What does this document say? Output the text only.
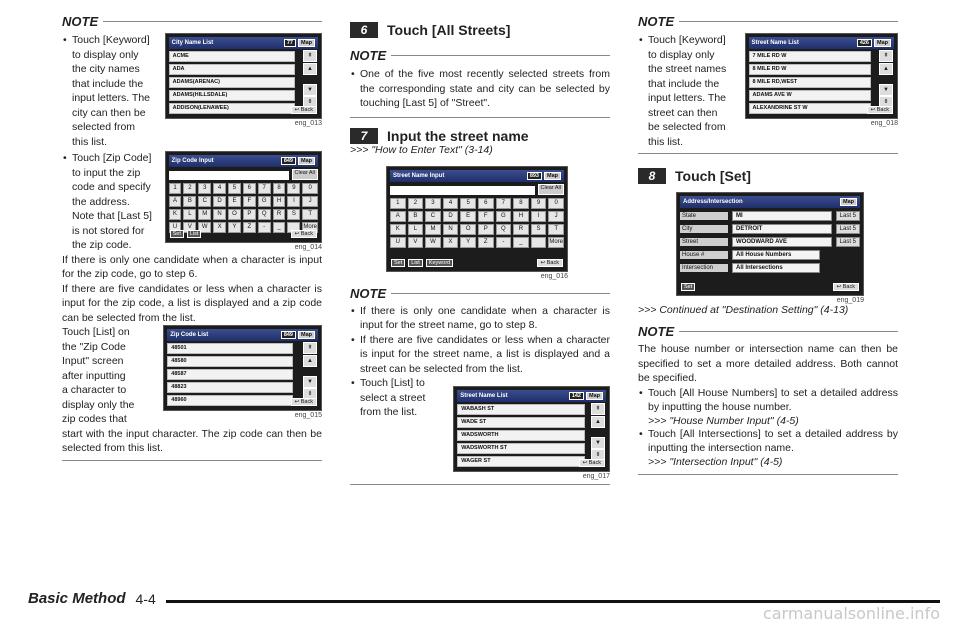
NOTE
• Touch [Keyword]
to display only
the city names
that include the
input letters. The
city can then be
selected from
this list.
City Name List	77	Map
ACME
ADA
ADAMS(ARENAC)
ADAMS(HILLSDALE)
ADDISON(LENAWEE)
⇞
▲
▼
⇟
↩ Back
eng_013
• Touch [Zip Code]
to input the zip
code and specify
the address.
Note that [Last 5]
is not stored for
the zip code.
Zip Code Input	849	Map
Clear All
1	2	3	4	5	6	7	8	9	0
A	B	C	D	E	F	G	H	I	J
K	L	M	N	O	P	Q	R	S	T
U	V	W	X	Y	Z	-	_	More
Set	List	↩ Back
eng_014

If there is only one candidate when a character is input for the zip code, go to step 6.

If there are five candidates or less when a character is input for the zip code, a list is displayed and a zip code can be selected from the list.

Touch [List] on
the "Zip Code
Input" screen
after inputting
a character to
display only the
zip codes that
Zip Code List	849	Map
48501
48580
48587
48823
48960
⇞
▲
▼
⇟
↩ Back
eng_015

start with the input character. The zip code can then be selected from this list.

6	Touch [All Streets]
NOTE

• One of the five most recently selected streets from the corresponding state and city can be selected by touching [Last 5] of "Street".

7	Input the street name
>>> "How to Enter Text" (3-14)
Street Name Input	893	Map
Clear All
1	2	3	4	5	6	7	8	9	0
A	B	C	D	E	F	G	H	I	J
K	L	M	N	O	P	Q	R	S	T
U	V	W	X	Y	Z	-	_	More
Set	List	Keyword	↩ Back
eng_016
NOTE

• If there is only one candidate when a character is input for the street name, go to step 8.

• If there are five candidates or less when a character is input for the street name, a list is displayed and a street can be selected from the list.

• Touch [List] to
select a street
from the list.
Street Name List	142	Map
WABASH ST
WADE ST
WADSWORTH
WADSWORTH ST
WAGER ST
⇞
▲
▼
⇟
↩ Back
eng_017
NOTE
• Touch [Keyword]
to display only
the street names
that include the
input letters. The
street can then
be selected from
this list.
Street Name List	426	Map
7 MILE RD W
8 MILE RD W
8 MILE RD,WEST
ADAMS AVE W
ALEXANDRINE ST W
⇞
▲
▼
⇟
↩ Back
eng_018
8	Touch [Set]
Address/Intersection	Map
State	MI	Last 5
City	DETROIT	Last 5
Street	WOODWARD AVE	Last 5
House #	All House Numbers
Intersection	All Intersections
Set	↩ Back
eng_019
>>> Continued at "Destination Setting" (4-13)
NOTE

The house number or intersection name can then be specified to set a more detailed address. Both cannot be specified.

• Touch [All House Numbers] to set a detailed address by inputting the house number.

>>> "House Number Input" (4-5)

• Touch [All Intersections] to set a detailed address by inputting the intersection name.

>>> "Intersection Input" (4-5)
Basic Method 4-4
carmanualsonline.info
